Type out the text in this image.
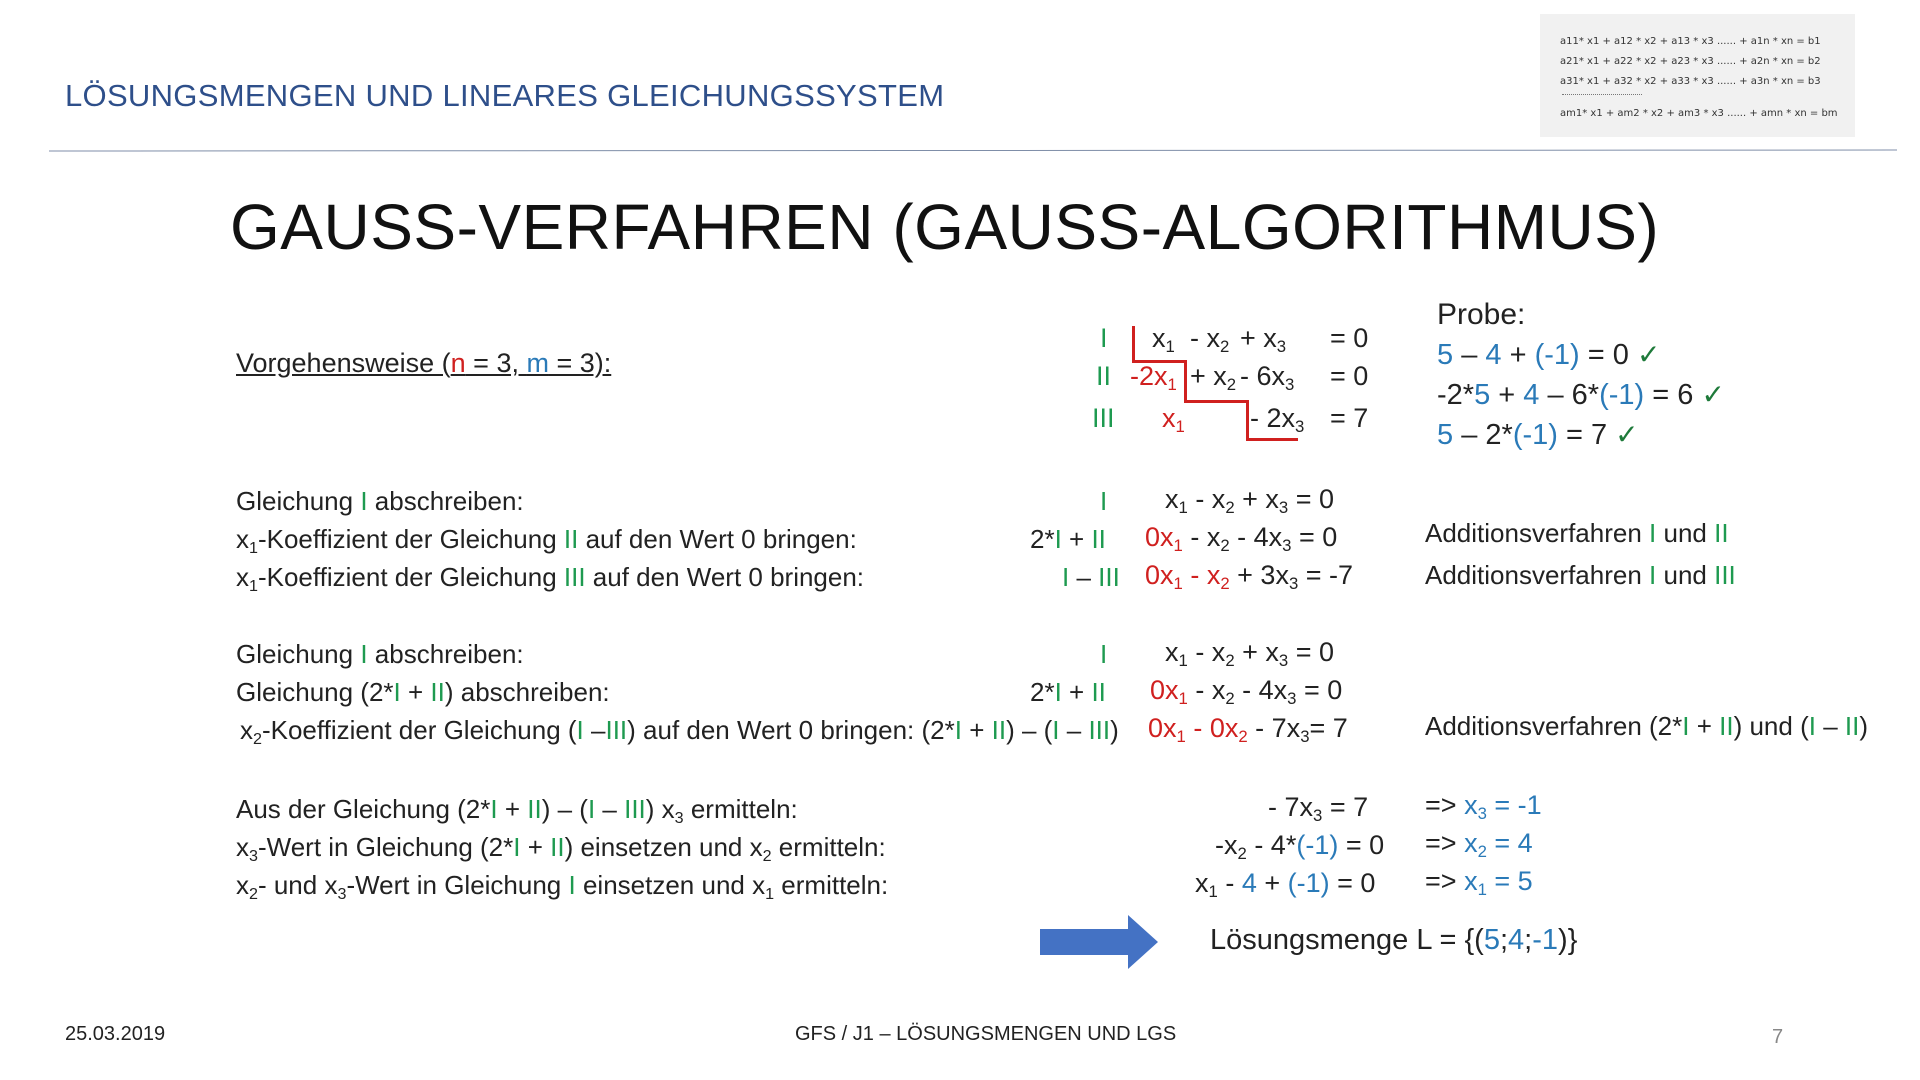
LÖSUNGSMENGEN UND LINEARES GLEICHUNGSSYSTEM
a11* x1 + a12 * x2 + a13 * x3 ...... + a1n * xn = b1
a21* x1 + a22 * x2 + a23 * x3 ...... + a2n * xn = b2
a31* x1 + a32 * x2 + a33 * x3 ...... + a3n * xn = b3
am1* x1 + am2 * x2 + am3 * x3 ...... + amn * xn = bm
GAUSS-VERFAHREN (GAUSS-ALGORITHMUS)
Vorgehensweise (n = 3, m = 3):
I $x_1 - x_2 + x_3 = 0$
II $-2x_1 + x_2 - 6x_3 = 0$
III $x_1 - 2x_3 = 7$
Probe:
5 – 4 + (-1) = 0 ✓
-2*5 + 4 – 6*(-1) = 6 ✓
5 – 2*(-1) = 7 ✓
Gleichung I abschreiben:	I $x_1 - x_2 + x_3 = 0$
$x_1$-Koeffizient der Gleichung II auf den Wert 0 bringen:	2*I + II $0x_1 - x_2 - 4x_3 = 0$	Additionsverfahren I und II
$x_1$-Koeffizient der Gleichung III auf den Wert 0 bringen:	I – III $0x_1 - x_2 + 3x_3 = -7$	Additionsverfahren I und III
Gleichung I abschreiben:	I $x_1 - x_2 + x_3 = 0$
Gleichung (2*I + II) abschreiben:	2*I + II $0x_1 - x_2 - 4x_3 = 0$
$x_2$-Koeffizient der Gleichung (I –III) auf den Wert 0 bringen: (2*I + II) – (I – III) $0x_1 - 0x_2 - 7x_3= 7$	Additionsverfahren (2*I + II) und (I – II)
Aus der Gleichung (2*I + II) – (I – III) $x_3$ ermitteln:	- $7x_3 = 7 => x_3 = -1$
$x_3$-Wert in Gleichung (2*I + II) einsetzen und $x_2$ ermitteln:	$-x_2 - 4*(-1) = 0 => x_2 = 4$
$x_2-$ und $x_3$-Wert in Gleichung I einsetzen und $x_1$ ermitteln:	$x_1 - 4 + (-1) = 0 => x_1 = 5$
Lösungsmenge L = {(5;4;-1)}
25.03.2019	GFS / J1 – LÖSUNGSMENGEN UND LGS	7
